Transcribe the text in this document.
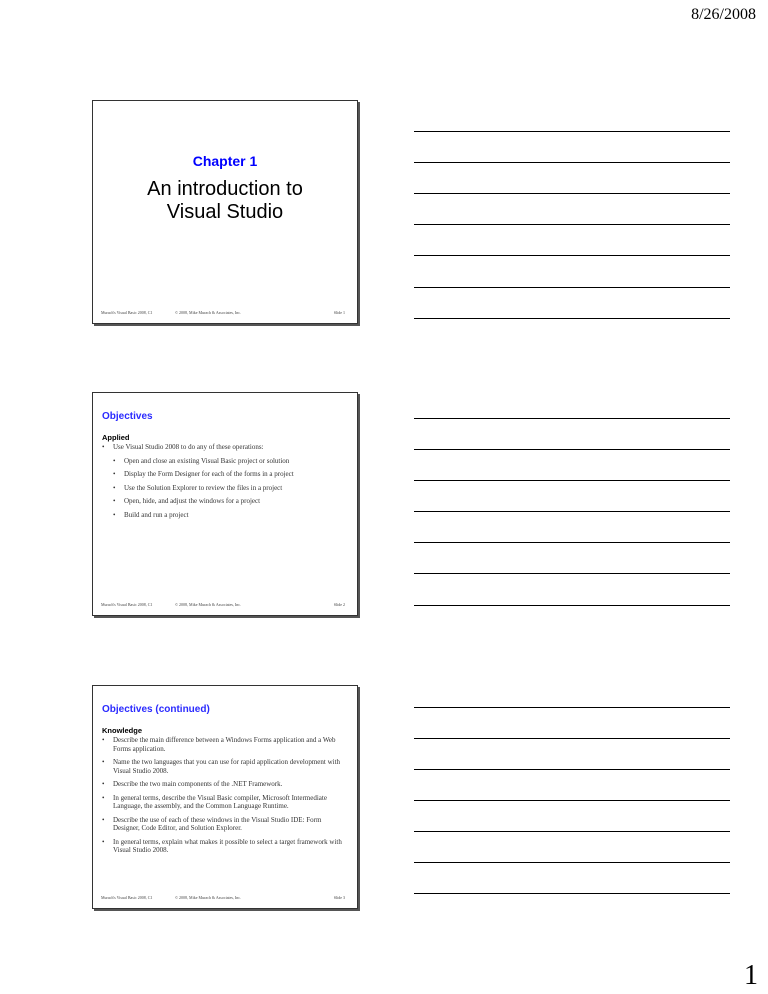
8/26/2008
Chapter 1
An introduction to
Visual Studio
Murach's Visual Basic 2008, C1	© 2008, Mike Murach & Associates, Inc.	Slide 1
Objectives
Applied
• Use Visual Studio 2008 to do any of these operations:
• Open and close an existing Visual Basic project or solution
• Display the Form Designer for each of the forms in a project
• Use the Solution Explorer to review the files in a project
• Open, hide, and adjust the windows for a project
• Build and run a project
Murach's Visual Basic 2008, C1	© 2008, Mike Murach & Associates, Inc.	Slide 2
Objectives (continued)
Knowledge
• Describe the main difference between a Windows Forms application and a Web Forms application.
• Name the two languages that you can use for rapid application development with Visual Studio 2008.
• Describe the two main components of the .NET Framework.
• In general terms, describe the Visual Basic compiler, Microsoft Intermediate Language, the assembly, and the Common Language Runtime.
• Describe the use of each of these windows in the Visual Studio IDE: Form Designer, Code Editor, and Solution Explorer.
• In general terms, explain what makes it possible to select a target framework with Visual Studio 2008.
Murach's Visual Basic 2008, C1	© 2008, Mike Murach & Associates, Inc.	Slide 3
1
